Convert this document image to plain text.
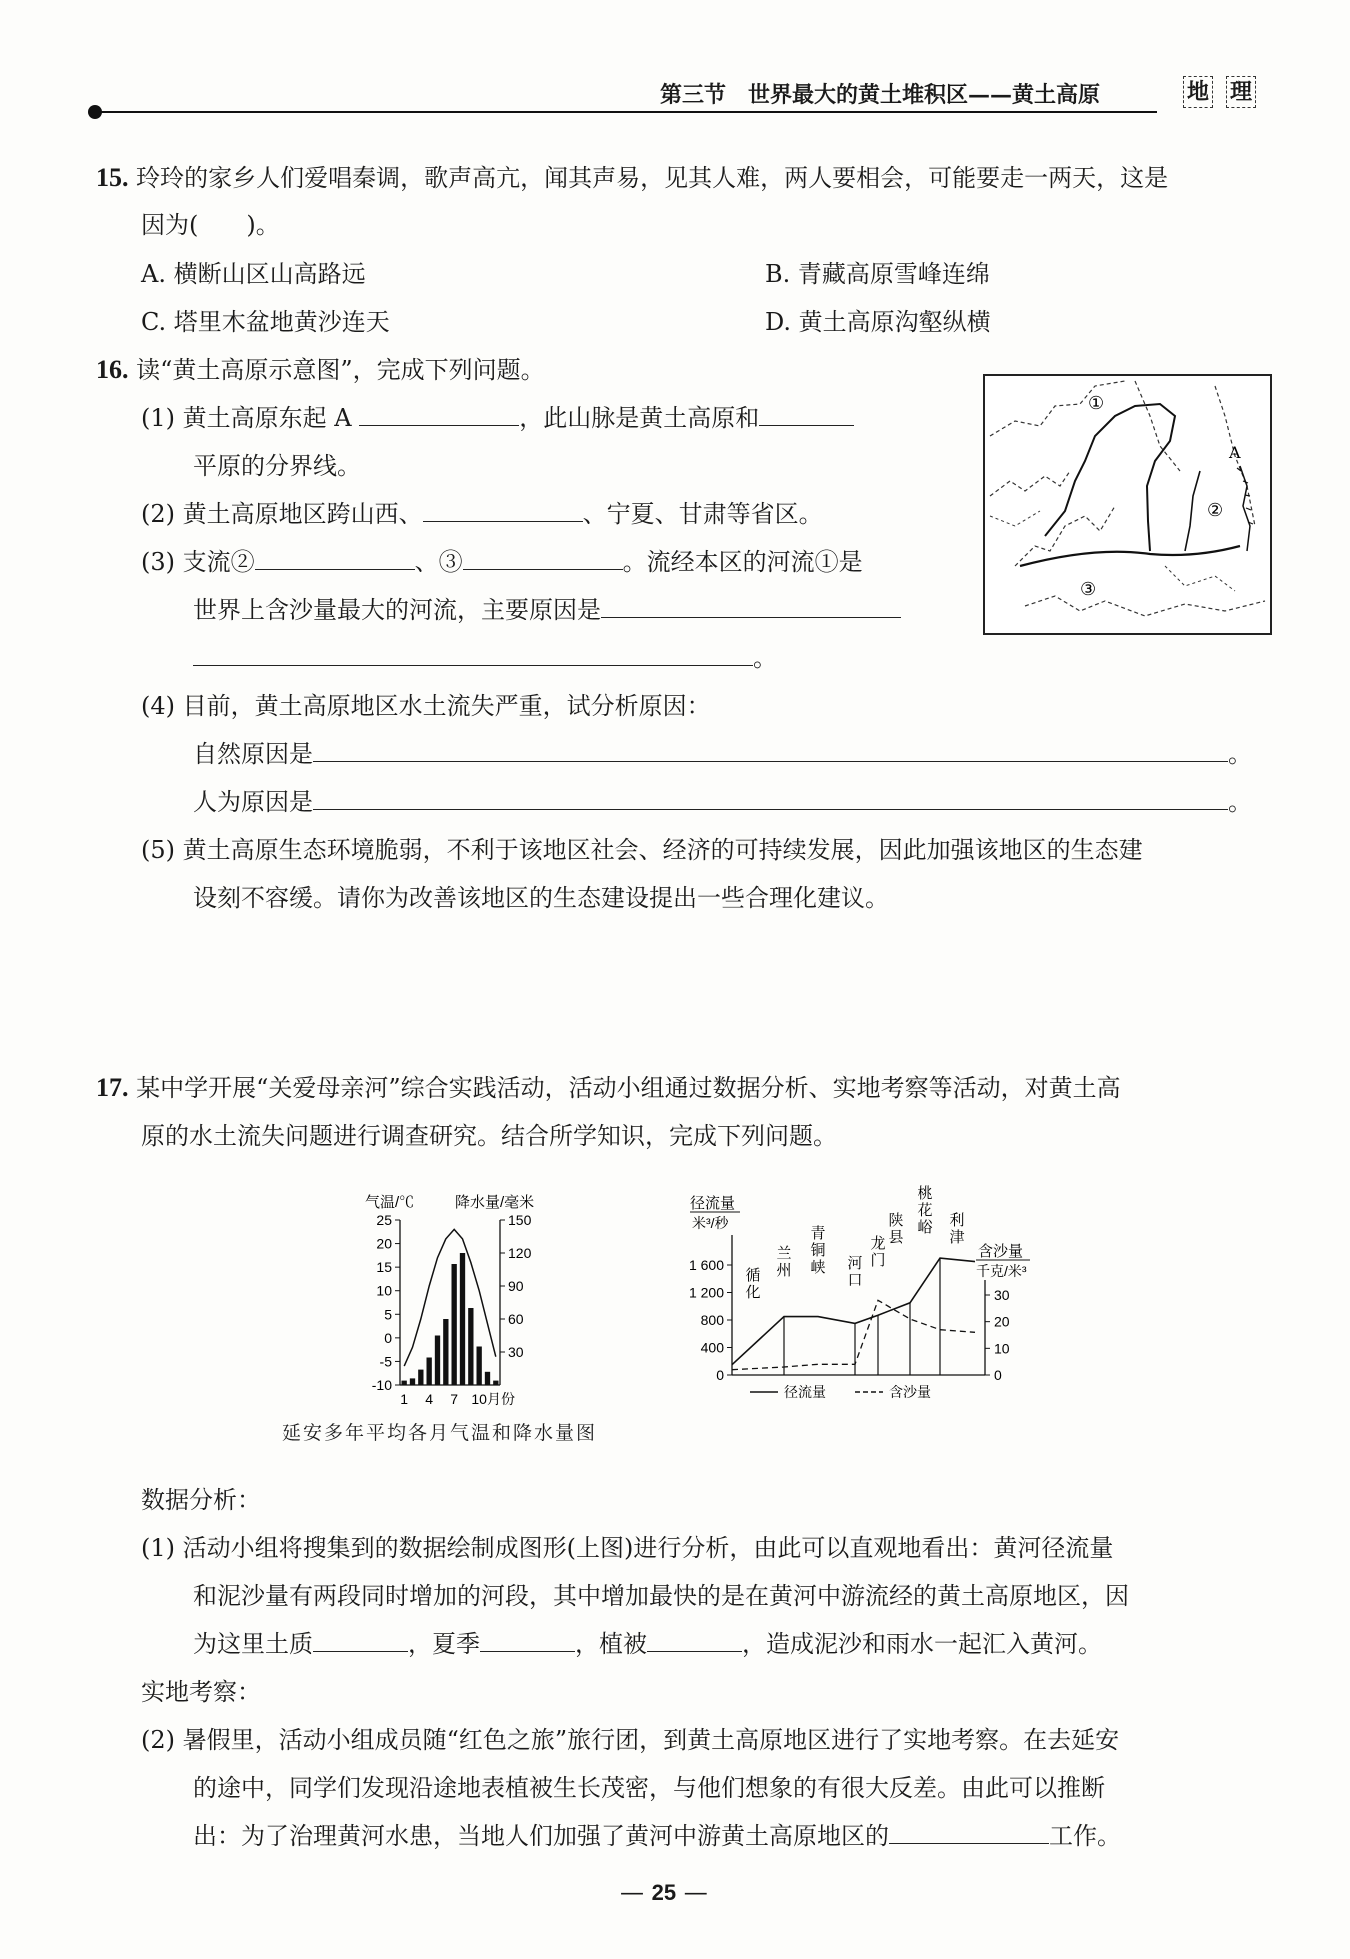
第三节　世界最大的黄土堆积区——黄土高原	地 理
15. 玲玲的家乡人们爱唱秦调，歌声高亢，闻其声易，见其人难，两人要相会，可能要走一两天，这是
因为(　　)。
A. 横断山区山高路远	B. 青藏高原雪峰连绵
C. 塔里木盆地黄沙连天	D. 黄土高原沟壑纵横
16. 读“黄土高原示意图”，完成下列问题。
(1) 黄土高原东起 A	，此山脉是黄土高原和
平原的分界线。
(2) 黄土高原地区跨山西、	、宁夏、甘肃等省区。
(3) 支流②	、③	。流经本区的河流①是
世界上含沙量最大的河流，主要原因是
。
①
A
②
③
(4) 目前，黄土高原地区水土流失严重，试分析原因：
自然原因是	。
人为原因是	。
(5) 黄土高原生态环境脆弱，不利于该地区社会、经济的可持续发展，因此加强该地区的生态建
设刻不容缓。请你为改善该地区的生态建设提出一些合理化建议。
17. 某中学开展“关爱母亲河”综合实践活动，活动小组通过数据分析、实地考察等活动，对黄土高
原的水土流失问题进行调查研究。结合所学知识，完成下列问题。
气温/℃	降水量/毫米
25
20
15
10
5
0
-5
-10
150
120
90
60
30
1 4 7 10 月份
径流量
米³/秒
含沙量
千克/米³
1 600
1 200
800
400
0
30
20
10
0
循
化
兰
州
青
铜
峡 河
口
龙
门
陕
县
桃
花
峪 利
津
径流量	含沙量
延安多年平均各月气温和降水量图
数据分析：
(1) 活动小组将搜集到的数据绘制成图形(上图)进行分析，由此可以直观地看出：黄河径流量
和泥沙量有两段同时增加的河段，其中增加最快的是在黄河中游流经的黄土高原地区，因
为这里土质	，夏季	，植被	，造成泥沙和雨水一起汇入黄河。
实地考察：
(2) 暑假里，活动小组成员随“红色之旅”旅行团，到黄土高原地区进行了实地考察。在去延安
的途中，同学们发现沿途地表植被生长茂密，与他们想象的有很大反差。由此可以推断
出：为了治理黄河水患，当地人们加强了黄河中游黄土高原地区的	工作。
— 25 —
